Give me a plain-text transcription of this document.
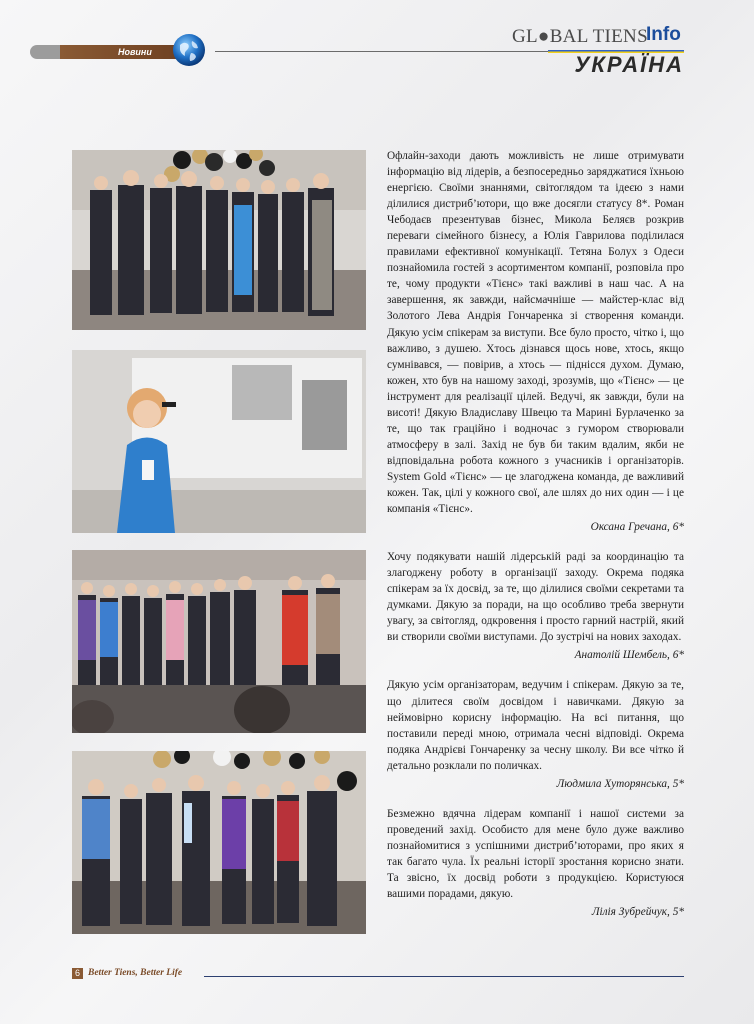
Новини
GL●BAL TIENS
Info
УКРАЇНА

Офлайн-заходи дають можливість не лише отримувати інформацію від лідерів, а безпосередньо заряджатися їхньою енергією. Своїми знаннями, світоглядом та ідеєю з нами ділилися дистриб’ютори, що вже досягли статусу 8*. Роман Чебодаєв презентував бізнес, Микола Беляєв розкрив переваги сімейного бізнесу, а Юлія Гаврилова поділилася правилами ефективної комунікації. Тетяна Болух з Одеси познайомила гостей з асортиментом компанії, розповіла про те, чому продукти «Тієнс» такі важливі в наш час. А на завершення, як завжди, найсмачніше — майстер-клас від Золотого Лева Андрія Гончаренка зі створення команди. Дякую усім спікерам за виступи. Все було просто, чітко і, що важливо, з душею. Хтось дізнався щось нове, хтось, якщо сумнівався, — повірив, а хтось — піднісся духом. Думаю, кожен, хто був на нашому заході, зрозумів, що «Тієнс» — це інструмент для реалізації цілей. Ведучі, як завжди, були на висоті! Дякую Владиславу Швецю та Марині Бурлаченко за те, що так граційно і водночас з гумором створювали атмосферу в залі. Захід не був би таким вдалим, якби не відповідальна робота кожного з учасників і організаторів. System Gold «Тієнс» — це злагоджена команда, де важливий кожен. Так, цілі у кожного свої, але шлях до них один — і це компанія «Тієнс».

Оксана Гречана, 6*

Хочу подякувати нашій лідерській раді за координацію та злагоджену роботу в організації заходу. Окрема подяка спікерам за їх досвід, за те, що ділилися своїми секретами та думками. Дякую за поради, на що особливо треба звернути увагу, за світогляд, одкровення і просто гарний настрій, який ви створили своїми виступами. До зустрічі на нових заходах.

Анатолій Шембель, 6*

Дякую усім організаторам, ведучим і спікерам. Дякую за те, що ділитеся своїм досвідом і навичками. Дякую за неймовірно корисну інформацію. На всі питання, що поставили переді мною, отримала чесні відповіді. Окрема подяка Андрієві Гончаренку за чесну школу. Ви все чітко й детально розклали по поличках.

Людмила Хуторянська, 5*

Безмежно вдячна лідерам компанії і нашої системи за проведений захід. Особисто для мене було дуже важливо познайомитися з успішними дистриб’юторами, про яких я так багато чула. Їх реальні історії зростання корисно знати. Та звісно, їх досвід роботи з продукцією. Користуюся вашими порадами, дякую.

Лілія Зубрейчук, 5*

6 Better Tiens, Better Life
